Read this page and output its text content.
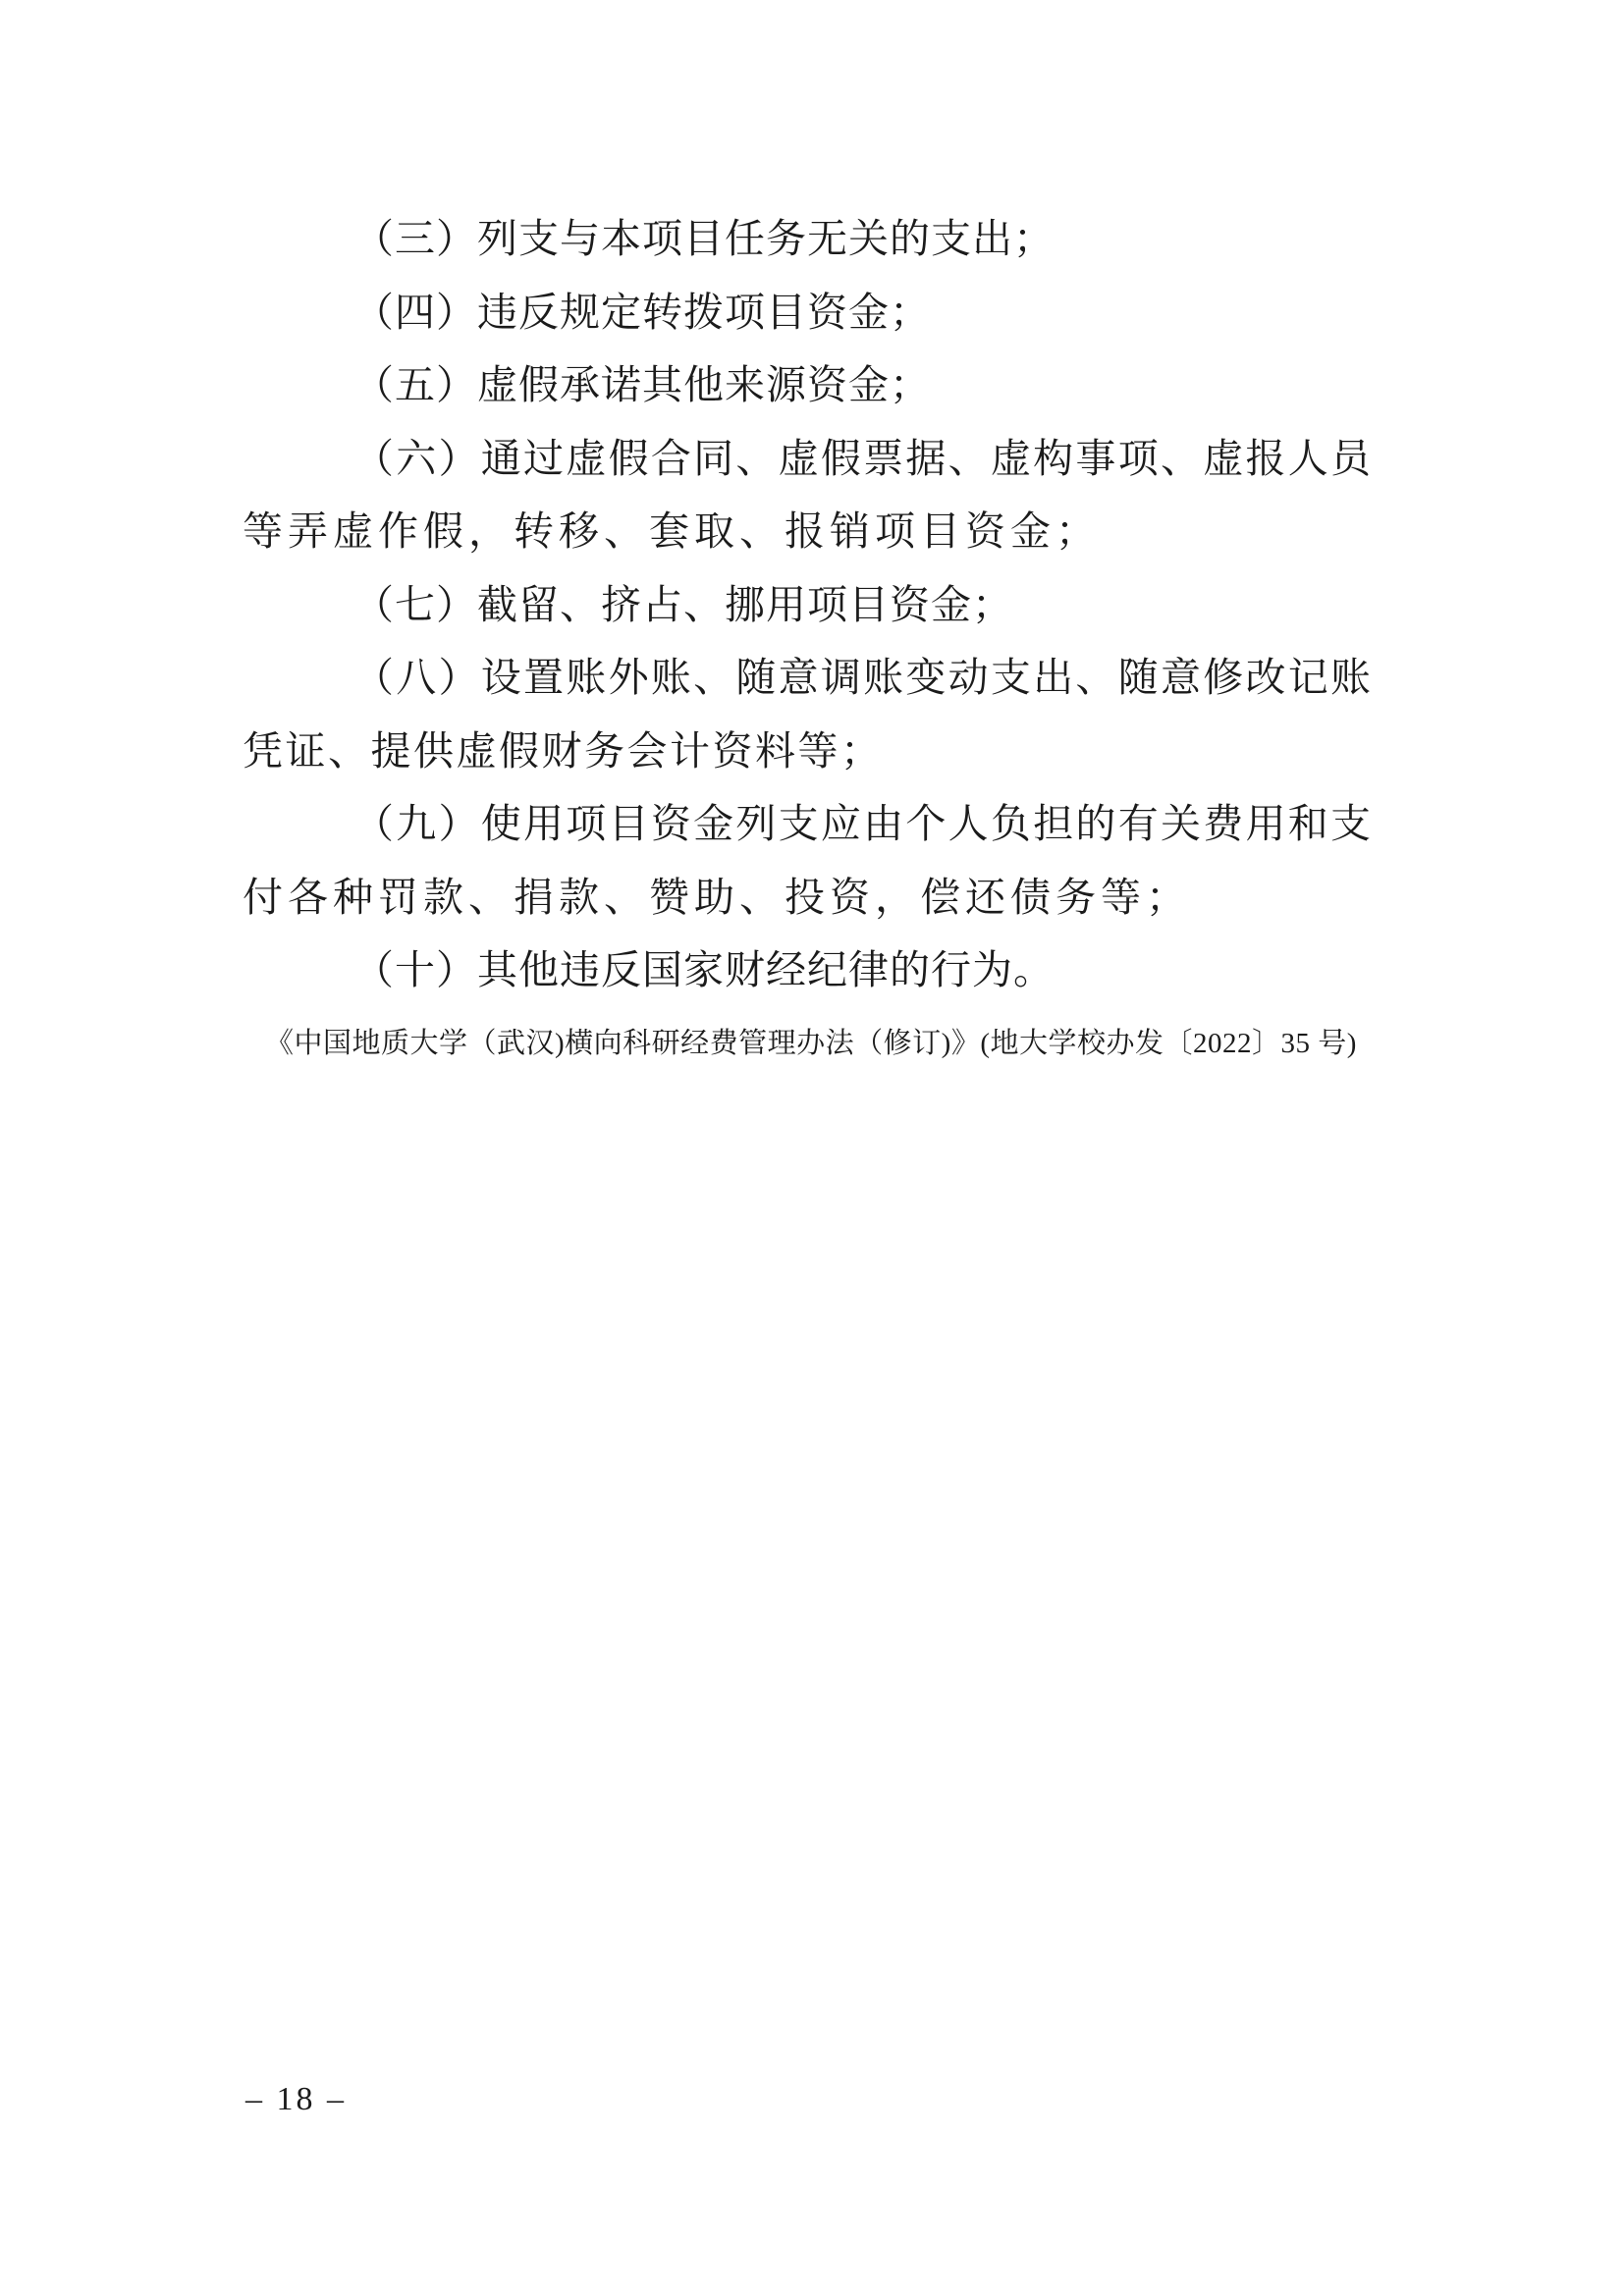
（三）列支与本项目任务无关的支出；

（四）违反规定转拨项目资金；

（五）虚假承诺其他来源资金；

（六）通过虚假合同、虚假票据、虚构事项、虚报人员

等弄虚作假，转移、套取、报销项目资金；

（七）截留、挤占、挪用项目资金；

（八）设置账外账、随意调账变动支出、随意修改记账

凭证、提供虚假财务会计资料等；

（九）使用项目资金列支应由个人负担的有关费用和支

付各种罚款、捐款、赞助、投资，偿还债务等；

（十）其他违反国家财经纪律的行为。

《中国地质大学（武汉)横向科研经费管理办法（修订)》(地大学校办发〔2022〕35 号)

– 18 –
